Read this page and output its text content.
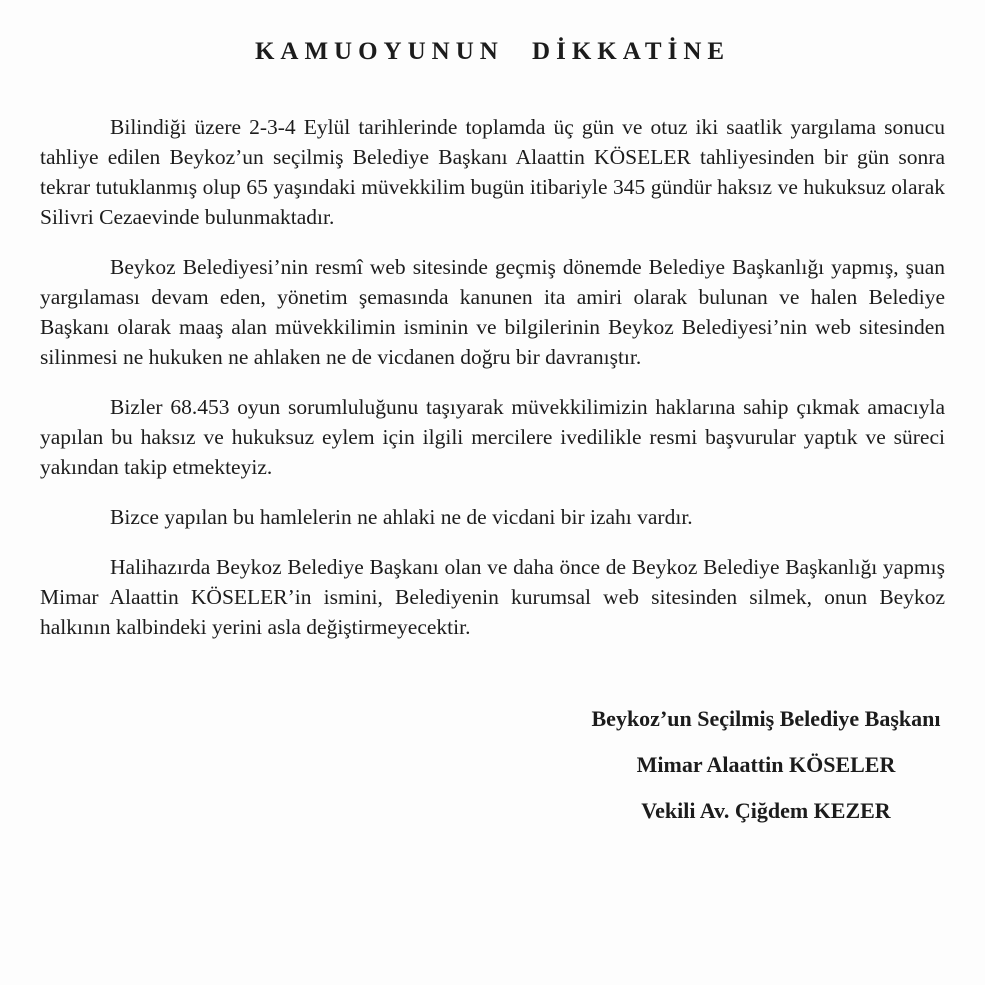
KAMUOYUNUN DİKKATİNE

Bilindiği üzere 2-3-4 Eylül tarihlerinde toplamda üç gün ve otuz iki saatlik yargılama sonucu tahliye edilen Beykoz’un seçilmiş Belediye Başkanı Alaattin KÖSELER tahliyesinden bir gün sonra tekrar tutuklanmış olup 65 yaşındaki müvekkilim bugün itibariyle 345 gündür haksız ve hukuksuz olarak Silivri Cezaevinde bulunmaktadır.

Beykoz Belediyesi’nin resmî web sitesinde geçmiş dönemde Belediye Başkanlığı yapmış, şuan yargılaması devam eden, yönetim şemasında kanunen ita amiri olarak bulunan ve halen Belediye Başkanı olarak maaş alan müvekkilimin isminin ve bilgilerinin Beykoz Belediyesi’nin web sitesinden silinmesi ne hukuken ne ahlaken ne de vicdanen doğru bir davranıştır.

Bizler 68.453 oyun sorumluluğunu taşıyarak müvekkilimizin haklarına sahip çıkmak amacıyla yapılan bu haksız ve hukuksuz eylem için ilgili mercilere ivedilikle resmi başvurular yaptık ve süreci yakından takip etmekteyiz.

Bizce yapılan bu hamlelerin ne ahlaki ne de vicdani bir izahı vardır.

Halihazırda Beykoz Belediye Başkanı olan ve daha önce de Beykoz Belediye Başkanlığı yapmış Mimar Alaattin KÖSELER’in ismini, Belediyenin kurumsal web sitesinden silmek, onun Beykoz halkının kalbindeki yerini asla değiştirmeyecektir.

Beykoz’un Seçilmiş Belediye Başkanı
Mimar Alaattin KÖSELER
Vekili Av. Çiğdem KEZER
